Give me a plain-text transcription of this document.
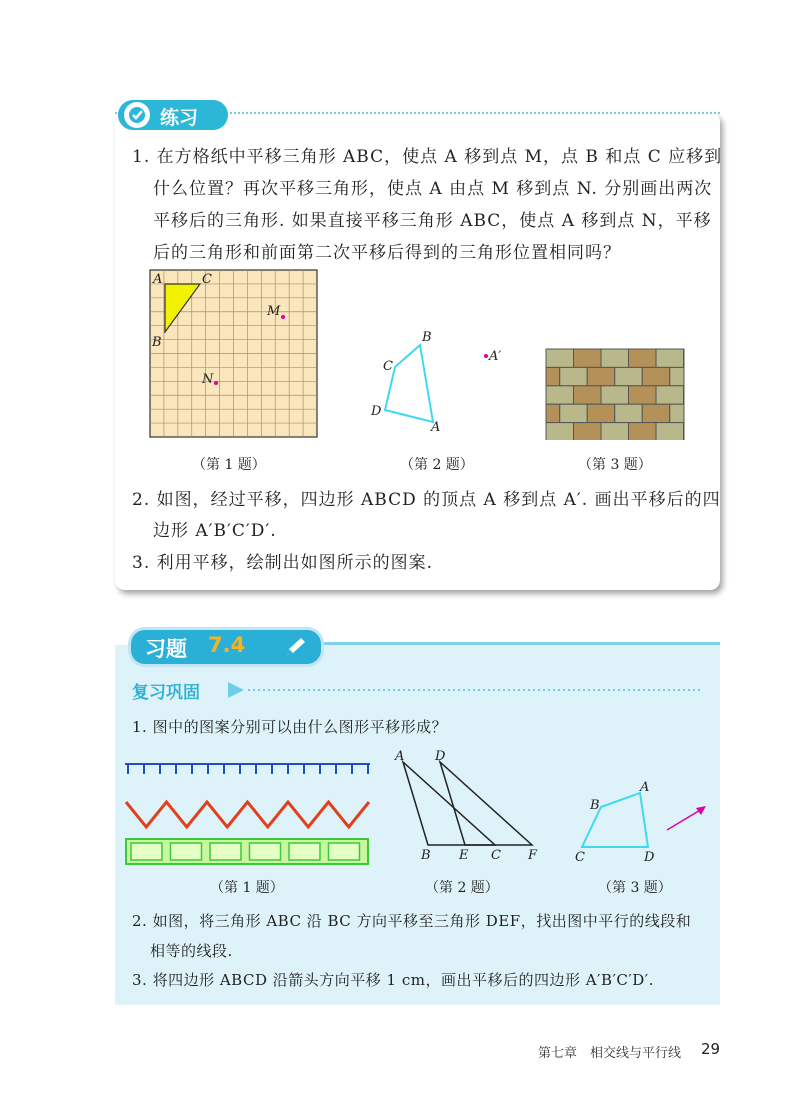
练习
1. 在方格纸中平移三角形 ABC，使点 A 移到点 M，点 B 和点 C 应移到
什么位置？再次平移三角形，使点 A 由点 M 移到点 N. 分别画出两次
平移后的三角形. 如果直接平移三角形 ABC，使点 A 移到点 N，平移
后的三角形和前面第二次平移后得到的三角形位置相同吗？
A	C
B
M
N
B
C
D
A
A′
（第 1 题）	（第 2 题）	（第 3 题）
2. 如图，经过平移，四边形 ABCD 的顶点 A 移到点 A′. 画出平移后的四
边形 A′B′C′D′.
3. 利用平移，绘制出如图所示的图案.
习题 7.4
复习巩固
1. 图中的图案分别可以由什么图形平移形成？
A D
B E C F
B
A
C	D
（第 1 题）	（第 2 题）	（第 3 题）
2. 如图，将三角形 ABC 沿 BC 方向平移至三角形 DEF，找出图中平行的线段和
相等的线段.
3. 将四边形 ABCD 沿箭头方向平移 1 cm，画出平移后的四边形 A′B′C′D′.
第七章　相交线与平行线 29
